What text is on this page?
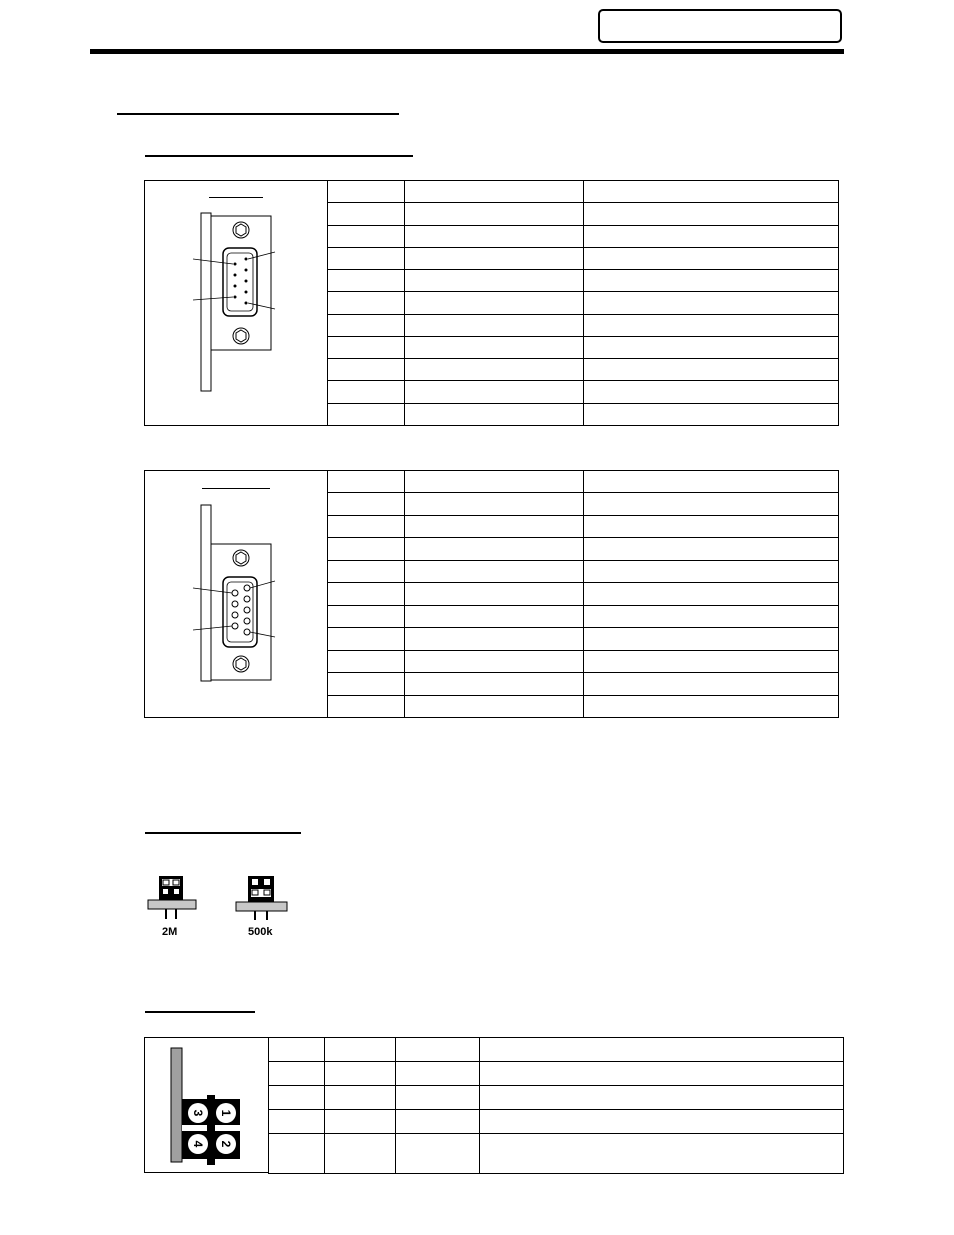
2M	500k
3 1
4 2
